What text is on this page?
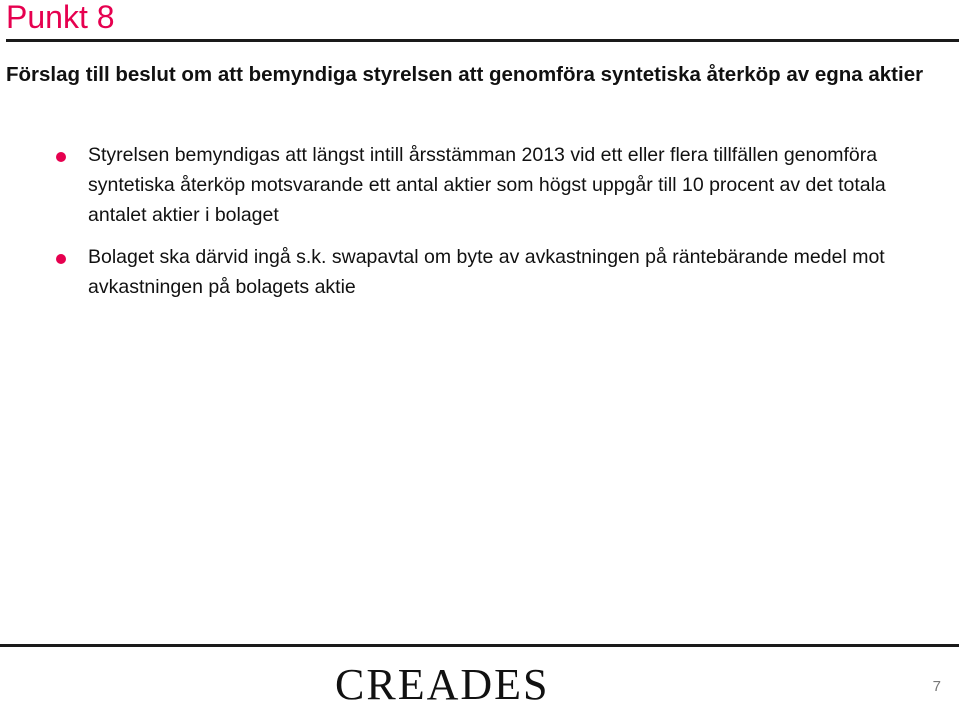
Punkt 8
Förslag till beslut om att bemyndiga styrelsen att genomföra syntetiska återköp av egna aktier
Styrelsen bemyndigas att längst intill årsstämman 2013 vid ett eller flera tillfällen genomföra syntetiska återköp motsvarande ett antal aktier som högst uppgår till 10 procent av det totala antalet aktier i bolaget
Bolaget ska därvid ingå s.k. swapavtal om byte av avkastningen på räntebärande medel mot avkastningen på bolagets aktie
CREADES	7
